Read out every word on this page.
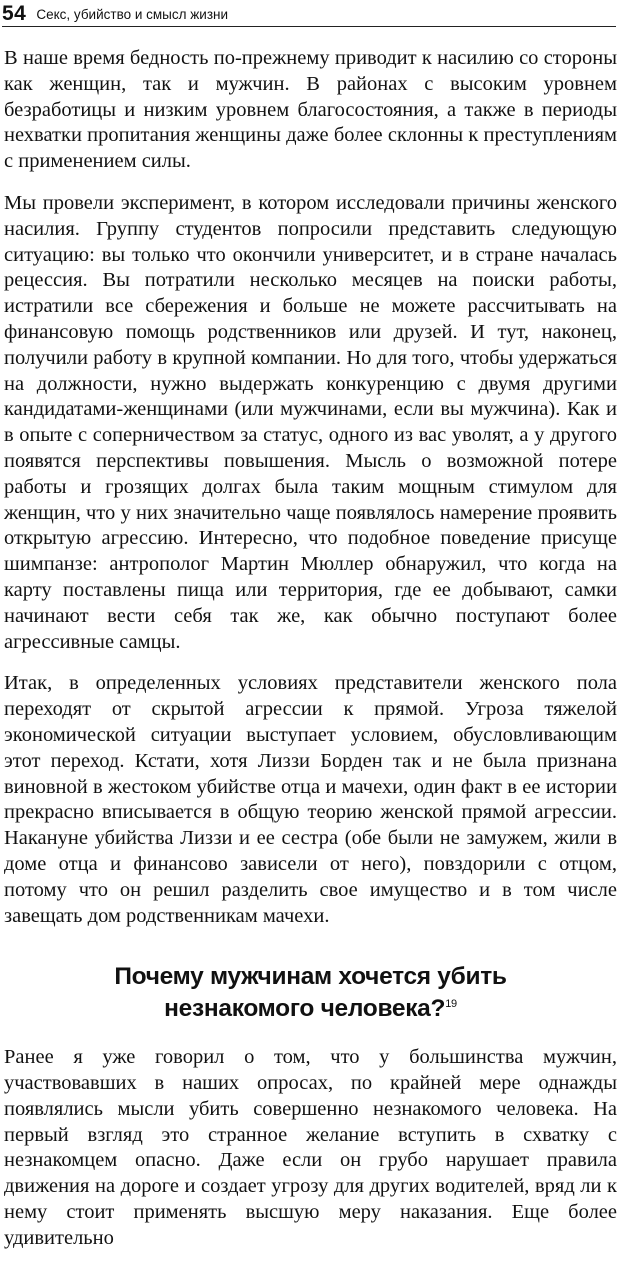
54 Секс, убийство и смысл жизни

В наше время бедность по-прежнему приводит к насилию со стороны как женщин, так и мужчин. В районах с высоким уровнем безработицы и низким уровнем благосостояния, а также в периоды нехватки пропитания женщины даже более склонны к преступлениям с применением силы.

Мы провели эксперимент, в котором исследовали причины женского насилия. Группу студентов попросили представить следующую ситуацию: вы только что окончили университет, и в стране началась рецессия. Вы потратили несколько месяцев на поиски работы, истратили все сбережения и больше не можете рассчитывать на финансовую помощь родственников или друзей. И тут, наконец, получили работу в крупной компании. Но для того, чтобы удержаться на должности, нужно выдержать конкуренцию с двумя другими кандидатами-женщинами (или мужчинами, если вы мужчина). Как и в опыте с соперничеством за статус, одного из вас уволят, а у другого появятся перспективы повышения. Мысль о возможной потере работы и грозящих долгах была таким мощным стимулом для женщин, что у них значительно чаще появлялось намерение проявить открытую агрессию. Интересно, что подобное поведение присуще шимпанзе: антрополог Мартин Мюллер обнаружил, что когда на карту поставлены пища или территория, где ее добывают, самки начинают вести себя так же, как обычно поступают более агрессивные самцы.

Итак, в определенных условиях представители женского пола переходят от скрытой агрессии к прямой. Угроза тяжелой экономической ситуации выступает условием, обусловливающим этот переход. Кстати, хотя Лиззи Борден так и не была признана виновной в жестоком убийстве отца и мачехи, один факт в ее истории прекрасно вписывается в общую теорию женской прямой агрессии. Накануне убийства Лиззи и ее сестра (обе были не замужем, жили в доме отца и финансово зависели от него), повздорили с отцом, потому что он решил разделить свое имущество и в том числе завещать дом родственникам мачехи.

Почему мужчинам хочется убить
незнакомого человека?$^{19}$

Ранее я уже говорил о том, что у большинства мужчин, участвовавших в наших опросах, по крайней мере однажды появлялись мысли убить совершенно незнакомого человека. На первый взгляд это странное желание вступить в схватку с незнакомцем опасно. Даже если он грубо нарушает правила движения на дороге и создает угрозу для других водителей, вряд ли к нему стоит применять высшую меру наказания. Еще более удивительно
